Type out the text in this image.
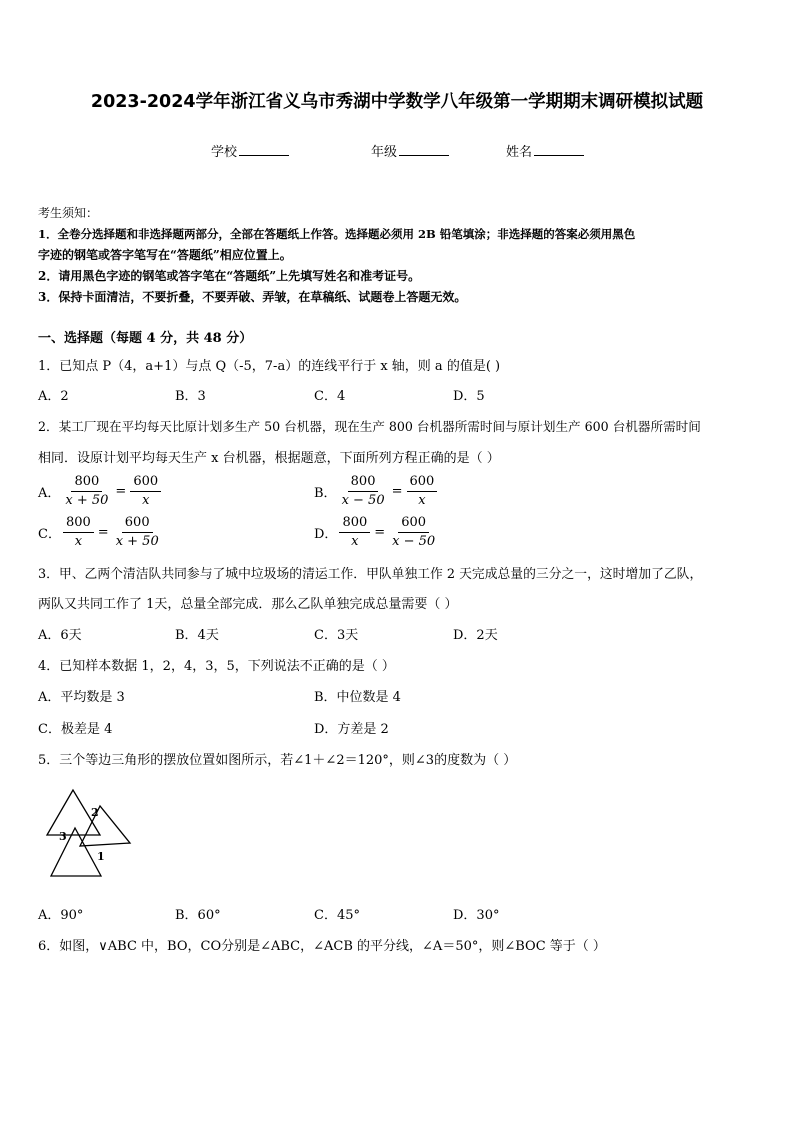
2023-2024学年浙江省义乌市秀湖中学数学八年级第一学期期末调研模拟试题
学校	年级	姓名
考生须知：
1．全卷分选择题和非选择题两部分，全部在答题纸上作答。选择题必须用 2B 铅笔填涂；非选择题的答案必须用黑色
字迹的钢笔或答字笔写在“答题纸”相应位置上。
2．请用黑色字迹的钢笔或答字笔在“答题纸”上先填写姓名和准考证号。
3．保持卡面清洁，不要折叠，不要弄破、弄皱，在草稿纸、试题卷上答题无效。
一、选择题（每题 4 分，共 48 分）
1．已知点 P（4，a+1）与点 Q（-5，7-a）的连线平行于 x 轴，则 a 的值是( )
A．2	B．3	C．4	D．5
2．某工厂现在平均每天比原计划多生产 50 台机器，现在生产 800 台机器所需时间与原计划生产 600 台机器所需时间
相同．设原计划平均每天生产 x 台机器，根据题意，下面所列方程正确的是（ ）
A． $\frac{800}{x + 50} = \frac{600}{x}$	B． $\frac{800}{x - 50} = \frac{600}{x}$
C． $\frac{800}{x} = \frac{600}{x + 50}$	D． $\frac{800}{x} = \frac{600}{x - 50}$
3．甲、乙两个清洁队共同参与了城中垃圾场的清运工作．甲队单独工作 2 天完成总量的三分之一，这时增加了乙队，
两队又共同工作了 1天，总量全部完成．那么乙队单独完成总量需要（ ）
A．6天	B．4天	C．3天	D．2天
4．已知样本数据 1，2，4，3，5，下列说法不正确的是（ ）
A．平均数是 3	B．中位数是 4
C．极差是 4	D．方差是 2
5．三个等边三角形的摆放位置如图所示，若∠1＋∠2＝120°，则∠3的度数为（ ）
1
2
3
A．90°	B．60°	C．45°	D．30°
6．如图，∨ABC 中，BO，CO分别是∠ABC，∠ACB 的平分线，∠A＝50°，则∠BOC 等于（ ）
